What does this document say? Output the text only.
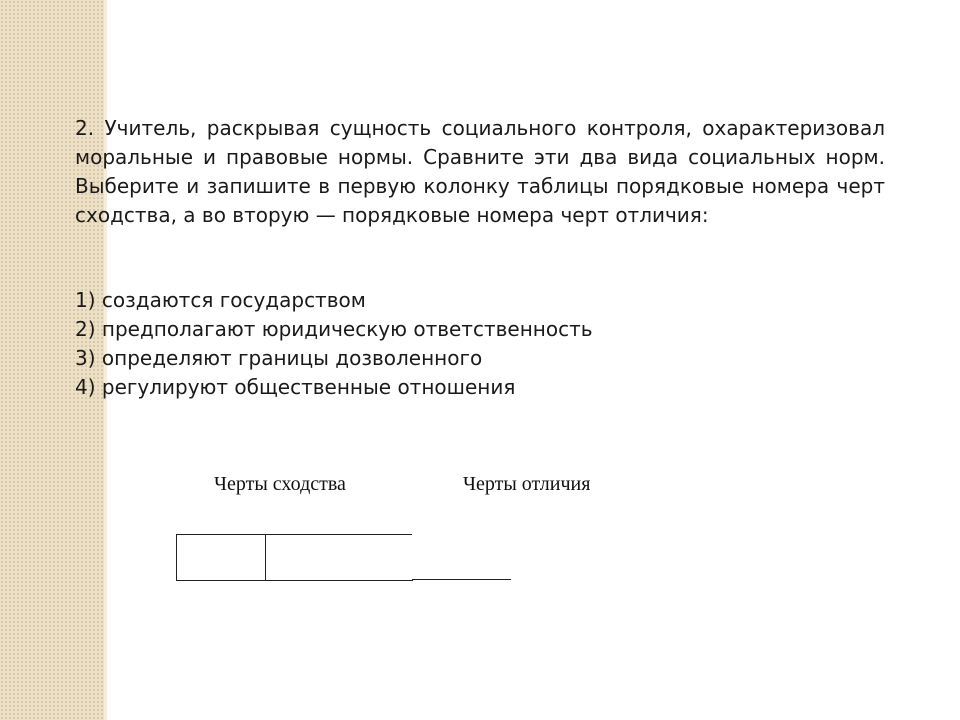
2. Учитель, раскрывая сущность социального контроля, охарактеризовал моральные и правовые нормы. Сравните эти два вида социальных норм. Выберите и запишите в первую колонку таблицы порядковые номера черт сходства, а во вторую — порядковые номера черт отличия:

1) создаются государством
2) предполагают юридическую ответственность
3) определяют границы дозволенного
4) регулируют общественные отношения
Черты сходства	Черты отличия
